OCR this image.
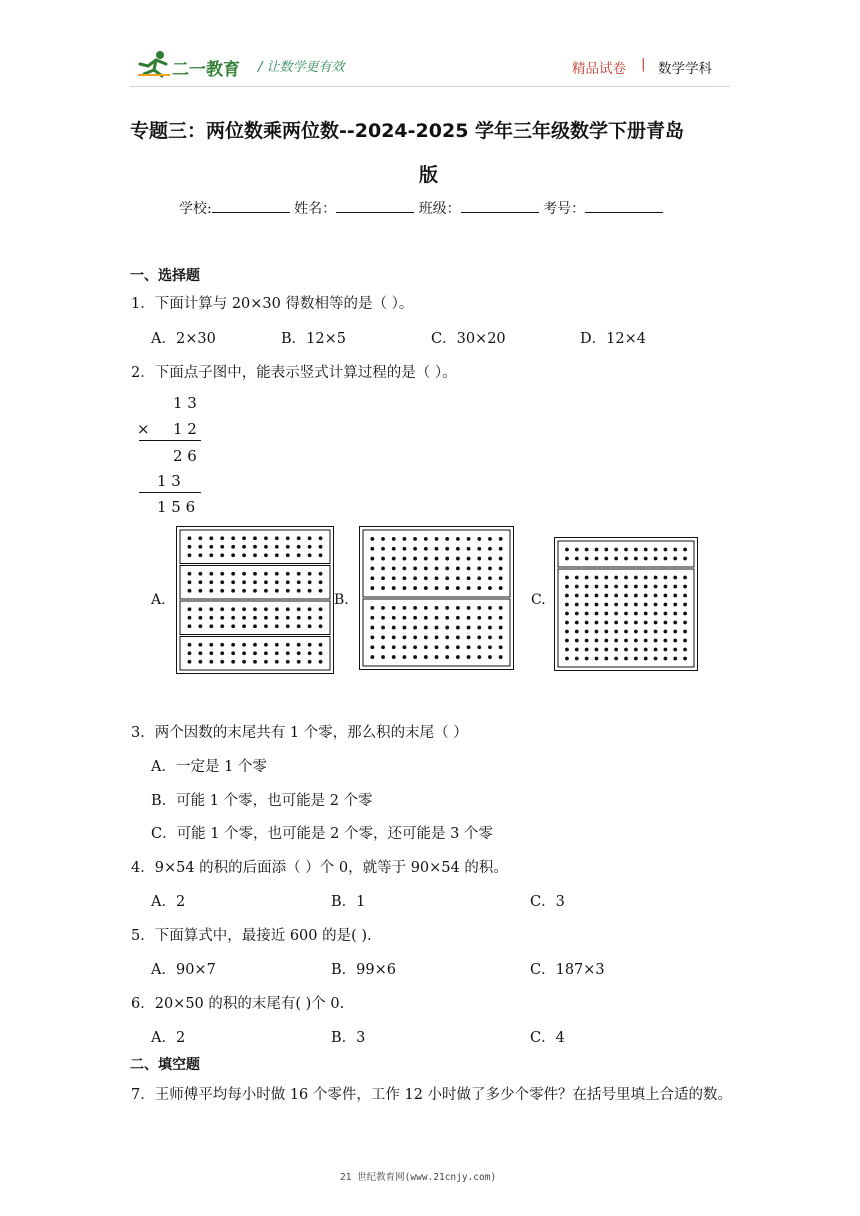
二一教育 / 让数学更有效	精品试卷 | 数学学科
专题三：两位数乘两位数--2024-2025 学年三年级数学下册青岛
版
学校:	姓名：	班级：	考号：
一、选择题
1．下面计算与 20×30 得数相等的是（ ）。
A．2×30	B．12×5	C．30×20	D．12×4
2．下面点子图中，能表示竖式计算过程的是（ ）。
1 3
× 1 2
2 6
1 3
1 5 6
A.	B.	C.
3．两个因数的末尾共有 1 个零，那么积的末尾（ ）
A．一定是 1 个零
B．可能 1 个零，也可能是 2 个零
C．可能 1 个零，也可能是 2 个零，还可能是 3 个零
4．9×54 的积的后面添（ ）个 0，就等于 90×54 的积。
A．2	B．1	C．3
5．下面算式中，最接近 600 的是( ).
A．90×7	B．99×6	C．187×3
6．20×50 的积的末尾有( )个 0.
A．2	B．3	C．4
二、填空题
7．王师傅平均每小时做 16 个零件，工作 12 小时做了多少个零件？在括号里填上合适的数。
21 世纪教育网(www.21cnjy.com)
